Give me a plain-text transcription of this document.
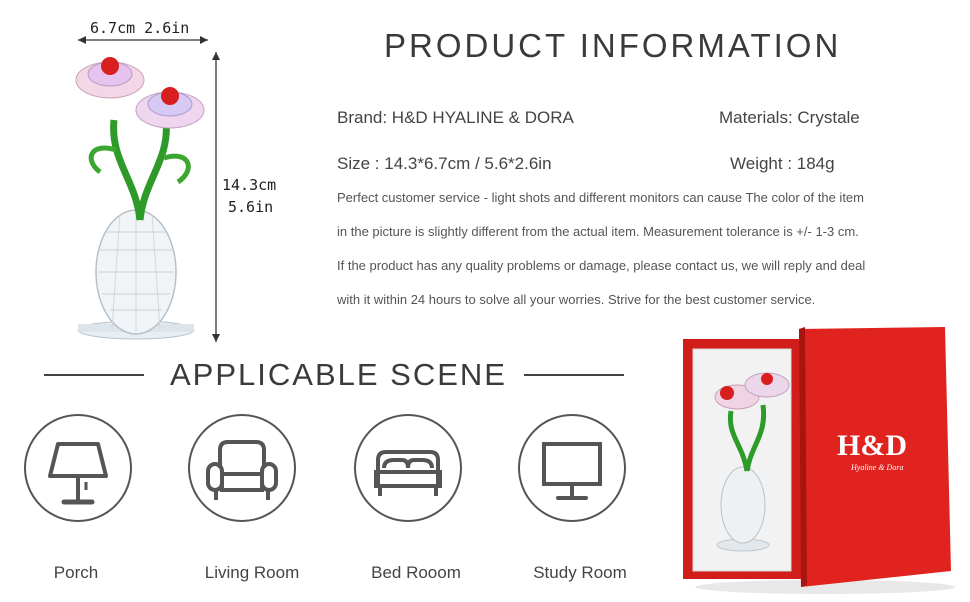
6.7cm 2.6in
14.3cm
5.6in
PRODUCT INFORMATION
Brand: H&D HYALINE & DORA	Materials: Crystale
Size : 14.3*6.7cm / 5.6*2.6in	Weight : 184g

Perfect customer service - light shots and different monitors can cause The color of the item

in the picture is slightly different from the actual item. Measurement tolerance is +/- 1-3 cm.

If the product has any quality problems or damage, please contact us, we will reply and deal

with it within 24 hours to solve all your worries. Strive for the best customer service.

APPLICABLE SCENE
Porch	Living Room	Bed Rooom	Study Room
H&D
Hyaline & Dora
